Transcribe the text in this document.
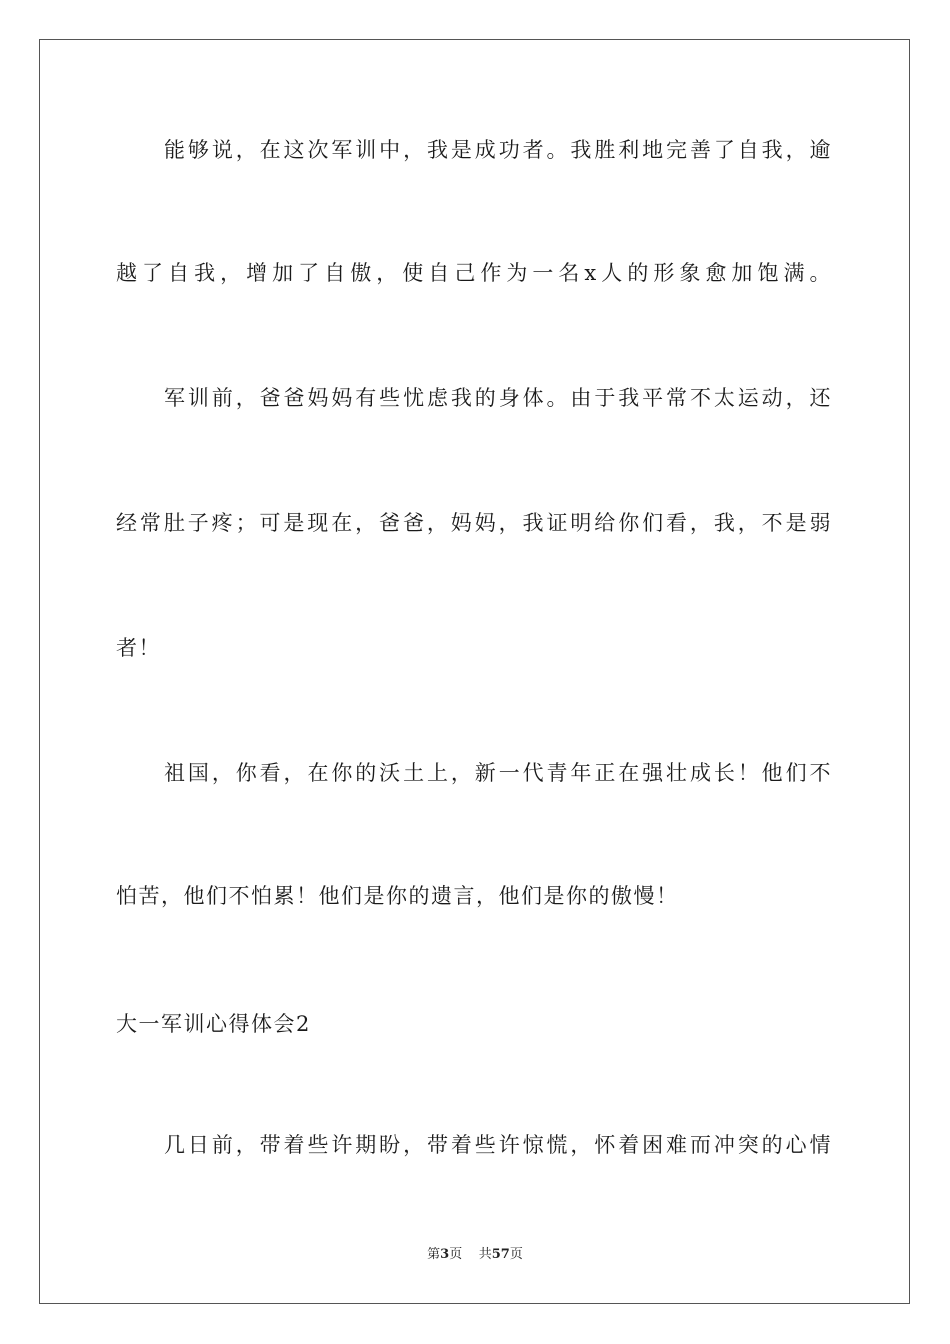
能够说，在这次军训中，我是成功者。我胜利地完善了自我，逾
越了自我，增加了自傲，使自己作为一名x人的形象愈加饱满。
军训前，爸爸妈妈有些忧虑我的身体。由于我平常不太运动，还
经常肚子疼；可是现在，爸爸，妈妈，我证明给你们看，我，不是弱
者！
祖国，你看，在你的沃土上，新一代青年正在强壮成长！他们不
怕苦，他们不怕累！他们是你的遗言，他们是你的傲慢！
大一军训心得体会2
几日前，带着些许期盼，带着些许惊慌，怀着困难而冲突的心情
第3页 共57页
